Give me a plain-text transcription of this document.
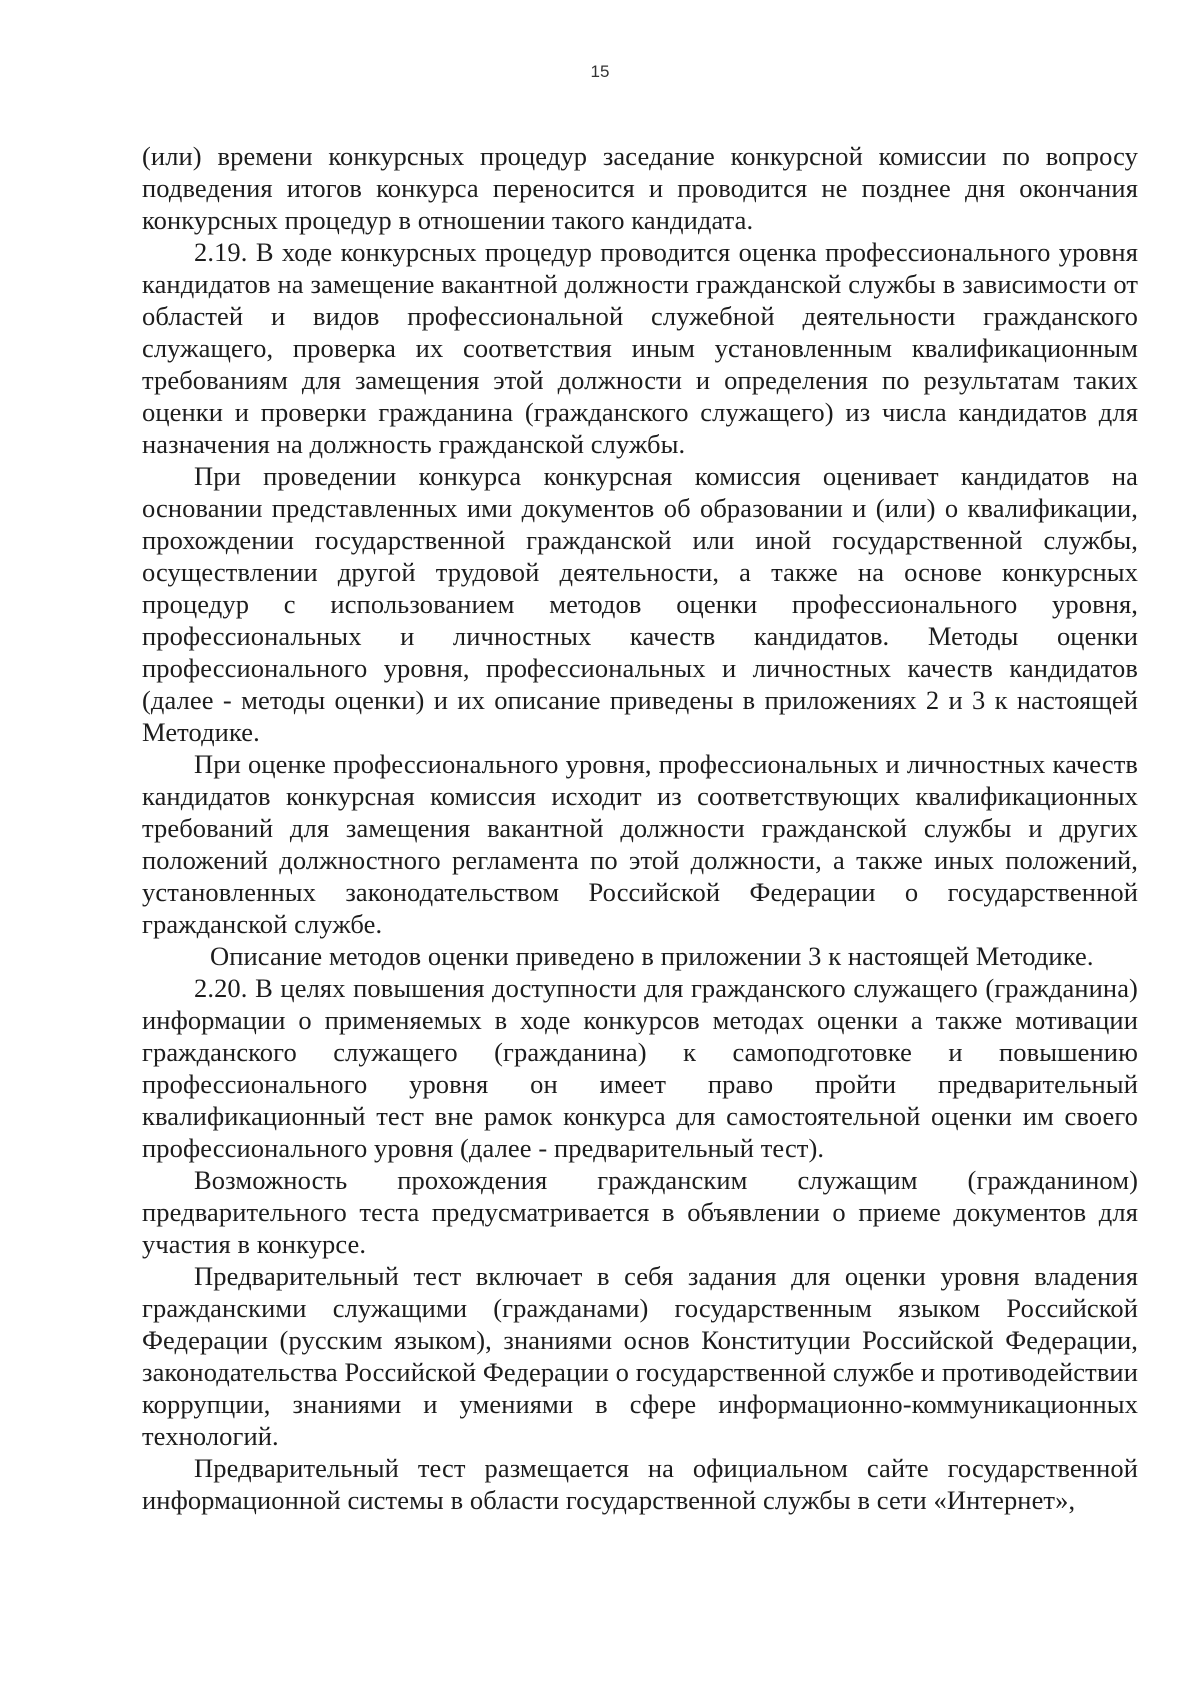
15

(или) времени конкурсных процедур заседание конкурсной комиссии по вопросу подведения итогов конкурса переносится и проводится не позднее дня окончания конкурсных процедур в отношении такого кандидата.

2.19. В ходе конкурсных процедур проводится оценка профессионального уровня кандидатов на замещение вакантной должности гражданской службы в зависимости от областей и видов профессиональной служебной деятельности гражданского служащего, проверка их соответствия иным установленным квалификационным требованиям для замещения этой должности и определения по результатам таких оценки и проверки гражданина (гражданского служащего) из числа кандидатов для назначения на должность гражданской службы.

При проведении конкурса конкурсная комиссия оценивает кандидатов на основании представленных ими документов об образовании и (или) о квалификации, прохождении государственной гражданской или иной государственной службы, осуществлении другой трудовой деятельности, а также на основе конкурсных процедур с использованием методов оценки профессионального уровня, профессиональных и личностных качеств кандидатов. Методы оценки профессионального уровня, профессиональных и личностных качеств кандидатов (далее - методы оценки) и их описание приведены в приложениях 2 и 3 к настоящей Методике.

При оценке профессионального уровня, профессиональных и личностных качеств кандидатов конкурсная комиссия исходит из соответствующих квалификационных требований для замещения вакантной должности гражданской службы и других положений должностного регламента по этой должности, а также иных положений, установленных законодательством Российской Федерации о государственной гражданской службе.

Описание методов оценки приведено в приложении 3 к настоящей Методике.

2.20. В целях повышения доступности для гражданского служащего (гражданина) информации о применяемых в ходе конкурсов методах оценки а также мотивации гражданского служащего (гражданина) к самоподготовке и повышению профессионального уровня он имеет право пройти предварительный квалификационный тест вне рамок конкурса для самостоятельной оценки им своего профессионального уровня (далее - предварительный тест).

Возможность прохождения гражданским служащим (гражданином) предварительного теста предусматривается в объявлении о приеме документов для участия в конкурсе.

Предварительный тест включает в себя задания для оценки уровня владения гражданскими служащими (гражданами) государственным языком Российской Федерации (русским языком), знаниями основ Конституции Российской Федерации, законодательства Российской Федерации о государственной службе и противодействии коррупции, знаниями и умениями в сфере информационно-коммуникационных технологий.

Предварительный тест размещается на официальном сайте государственной информационной системы в области государственной службы в сети «Интернет»,
